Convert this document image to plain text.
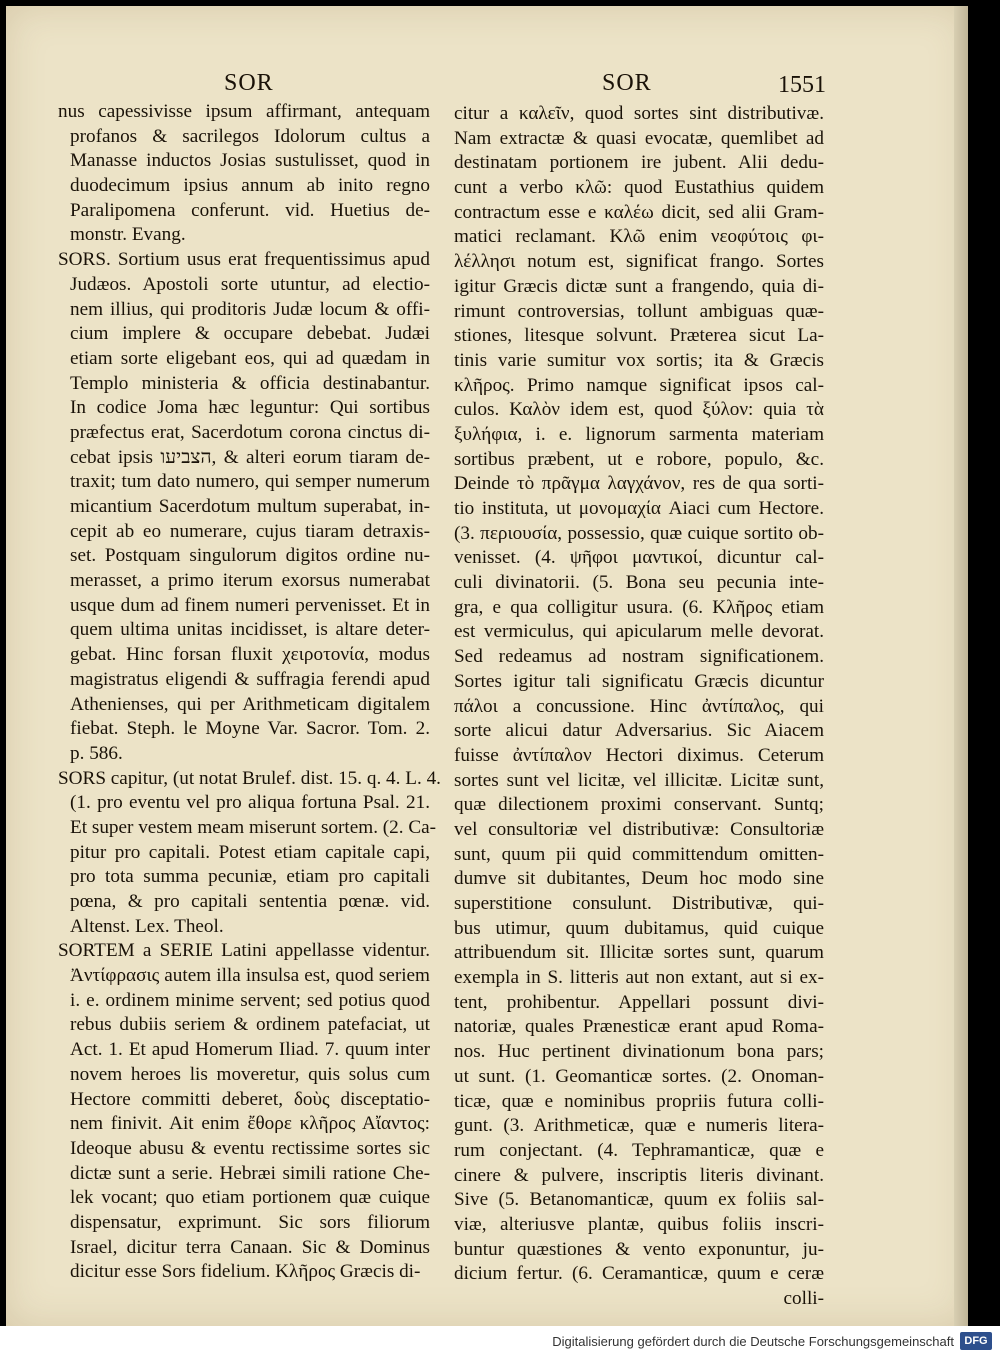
SOR	SOR	1551
nus capessivisse ipsum affirmant, antequam
profanos & sacrilegos Idolorum cultus a
Manasse inductos Josias sustulisset, quod in
duodecimum ipsius annum ab inito regno
Paralipomena conferunt. vid. Huetius de-
monstr. Evang.
SORS. Sortium usus erat frequentissimus apud
Judæos. Apostoli sorte utuntur, ad electio-
nem illius, qui proditoris Judæ locum & offi-
cium implere & occupare debebat. Judæi
etiam sorte eligebant eos, qui ad quædam in
Templo ministeria & officia destinabantur.
In codice Joma hæc leguntur: Qui sortibus
præfectus erat, Sacerdotum corona cinctus di-
cebat ipsis הצביעו, & alteri eorum tiaram de-
traxit; tum dato numero, qui semper numerum
micantium Sacerdotum multum superabat, in-
cepit ab eo numerare, cujus tiaram detraxis-
set. Postquam singulorum digitos ordine nu-
merasset, a primo iterum exorsus numerabat
usque dum ad finem numeri pervenisset. Et in
quem ultima unitas incidisset, is altare deter-
gebat. Hinc forsan fluxit χειροτονία, modus
magistratus eligendi & suffragia ferendi apud
Athenienses, qui per Arithmeticam digitalem
fiebat. Steph. le Moyne Var. Sacror. Tom. 2.
p. 586.
SORS capitur, (ut notat Brulef. dist. 15. q. 4. L. 4.
(1. pro eventu vel pro aliqua fortuna Psal. 21.
Et super vestem meam miserunt sortem. (2. Ca-
pitur pro capitali. Potest etiam capitale capi,
pro tota summa pecuniæ, etiam pro capitali
pœna, & pro capitali sententia pœnæ. vid.
Altenst. Lex. Theol.
SORTEM a SERIE Latini appellasse videntur.
Ἀντίφρασις autem illa insulsa est, quod seriem
i. e. ordinem minime servent; sed potius quod
rebus dubiis seriem & ordinem patefaciat, ut
Act. 1. Et apud Homerum Iliad. 7. quum inter
novem heroes lis moveretur, quis solus cum
Hectore committi deberet, δοὺς disceptatio-
nem finivit. Ait enim ἔθορε κλῆρος Αἴαντος:
Ideoque abusu & eventu rectissime sortes sic
dictæ sunt a serie. Hebræi simili ratione Che-
lek vocant; quo etiam portionem quæ cuique
dispensatur, exprimunt. Sic sors filiorum
Israel, dicitur terra Canaan. Sic & Dominus
dicitur esse Sors fidelium. Κλῆρος Græcis di-
citur a καλεῖν, quod sortes sint distributivæ.
Nam extractæ & quasi evocatæ, quemlibet ad
destinatam portionem ire jubent. Alii dedu-
cunt a verbo κλῶ: quod Eustathius quidem
contractum esse e καλέω dicit, sed alii Gram-
matici reclamant. Κλῶ enim νεοφύτοις φι-
λέλλησι notum est, significat frango. Sortes
igitur Græcis dictæ sunt a frangendo, quia di-
rimunt controversias, tollunt ambiguas quæ-
stiones, litesque solvunt. Præterea sicut La-
tinis varie sumitur vox sortis; ita & Græcis
κλῆρος. Primo namque significat ipsos cal-
culos. Καλὸν idem est, quod ξύλον: quia τὰ
ξυλήφια, i. e. lignorum sarmenta materiam
sortibus præbent, ut e robore, populo, &c.
Deinde τὸ πρᾶγμα λαγχάνον, res de qua sorti-
tio instituta, ut μονομαχία Aiaci cum Hectore.
(3. περιουσία, possessio, quæ cuique sortito ob-
venisset. (4. ψῆφοι μαντικοί, dicuntur cal-
culi divinatorii. (5. Bona seu pecunia inte-
gra, e qua colligitur usura. (6. Κλῆρος etiam
est vermiculus, qui apicularum melle devorat.
Sed redeamus ad nostram significationem.
Sortes igitur tali significatu Græcis dicuntur
πάλοι a concussione. Hinc ἀντίπαλος, qui
sorte alicui datur Adversarius. Sic Aiacem
fuisse ἀντίπαλον Hectori diximus. Ceterum
sortes sunt vel licitæ, vel illicitæ. Licitæ sunt,
quæ dilectionem proximi conservant. Suntq;
vel consultoriæ vel distributivæ: Consultoriæ
sunt, quum pii quid committendum omitten-
dumve sit dubitantes, Deum hoc modo sine
superstitione consulunt. Distributivæ, qui-
bus utimur, quum dubitamus, quid cuique
attribuendum sit. Illicitæ sortes sunt, quarum
exempla in S. litteris aut non extant, aut si ex-
tent, prohibentur. Appellari possunt divi-
natoriæ, quales Prænesticæ erant apud Roma-
nos. Huc pertinent divinationum bona pars;
ut sunt. (1. Geomanticæ sortes. (2. Onoman-
ticæ, quæ e nominibus propriis futura colli-
gunt. (3. Arithmeticæ, quæ e numeris litera-
rum conjectant. (4. Tephramanticæ, quæ e
cinere & pulvere, inscriptis literis divinant.
Sive (5. Betanomanticæ, quum ex foliis sal-
viæ, alteriusve plantæ, quibus foliis inscri-
buntur quæstiones & vento exponuntur, ju-
dicium fertur. (6. Ceramanticæ, quum e ceræ
colli-
Digitalisierung gefördert durch die Deutsche Forschungsgemeinschaft DFG
